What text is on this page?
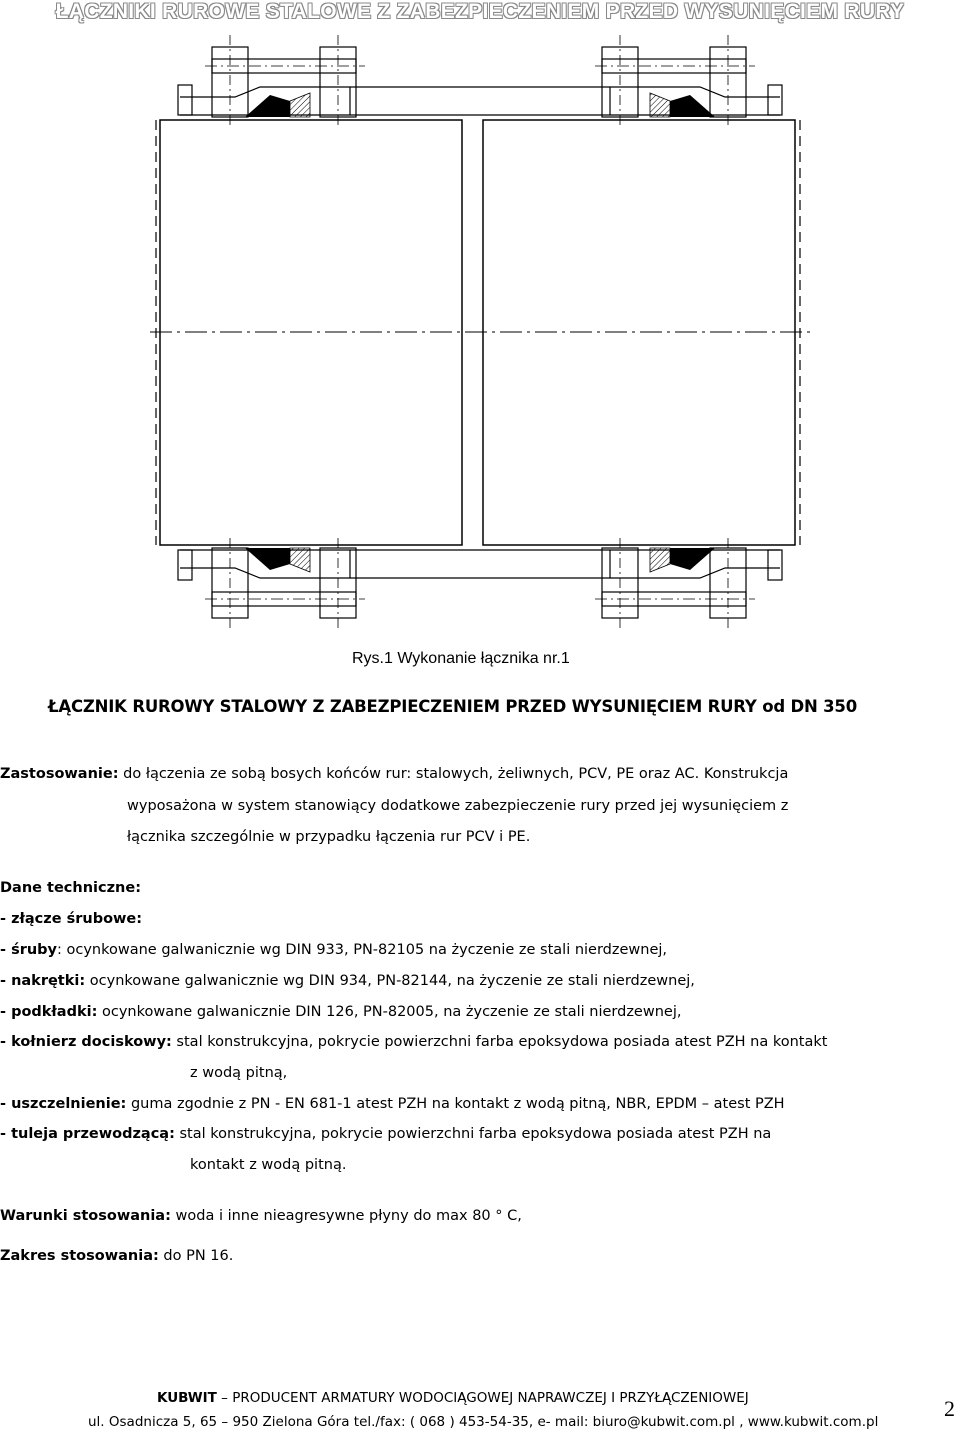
ŁĄCZNIKI RUROWE STALOWE Z ZABEZPIECZENIEM PRZED WYSUNIĘCIEM RURY
Rys.1 Wykonanie łącznika nr.1
ŁĄCZNIK RUROWY STALOWY Z ZABEZPIECZENIEM PRZED WYSUNIĘCIEM RURY od DN 350
Zastosowanie: do łączenia ze sobą bosych końców rur: stalowych, żeliwnych, PCV, PE oraz AC. Konstrukcja
wyposażona w system stanowiący dodatkowe zabezpieczenie rury przed jej wysunięciem z
łącznika szczególnie w przypadku łączenia rur PCV i PE.
Dane techniczne:
- złącze śrubowe:
- śruby: ocynkowane galwanicznie wg DIN 933, PN-82105 na życzenie ze stali nierdzewnej,
- nakrętki: ocynkowane galwanicznie wg DIN 934, PN-82144, na życzenie ze stali nierdzewnej,
- podkładki: ocynkowane galwanicznie DIN 126, PN-82005, na życzenie ze stali nierdzewnej,
- kołnierz dociskowy: stal konstrukcyjna, pokrycie powierzchni farba epoksydowa posiada atest PZH na kontakt
z wodą pitną,
- uszczelnienie: guma zgodnie z PN - EN 681-1 atest PZH na kontakt z wodą pitną, NBR, EPDM – atest PZH
- tuleja przewodzącą: stal konstrukcyjna, pokrycie powierzchni farba epoksydowa posiada atest PZH na
kontakt z wodą pitną.
Warunki stosowania: woda i inne nieagresywne płyny do max 80 ° C,
Zakres stosowania: do PN 16.
KUBWIT – PRODUCENT ARMATURY WODOCIĄGOWEJ NAPRAWCZEJ I PRZYŁĄCZENIOWEJ
ul. Osadnicza 5, 65 – 950 Zielona Góra tel./fax: ( 068 ) 453-54-35, e- mail: biuro@kubwit.com.pl , www.kubwit.com.pl
2
